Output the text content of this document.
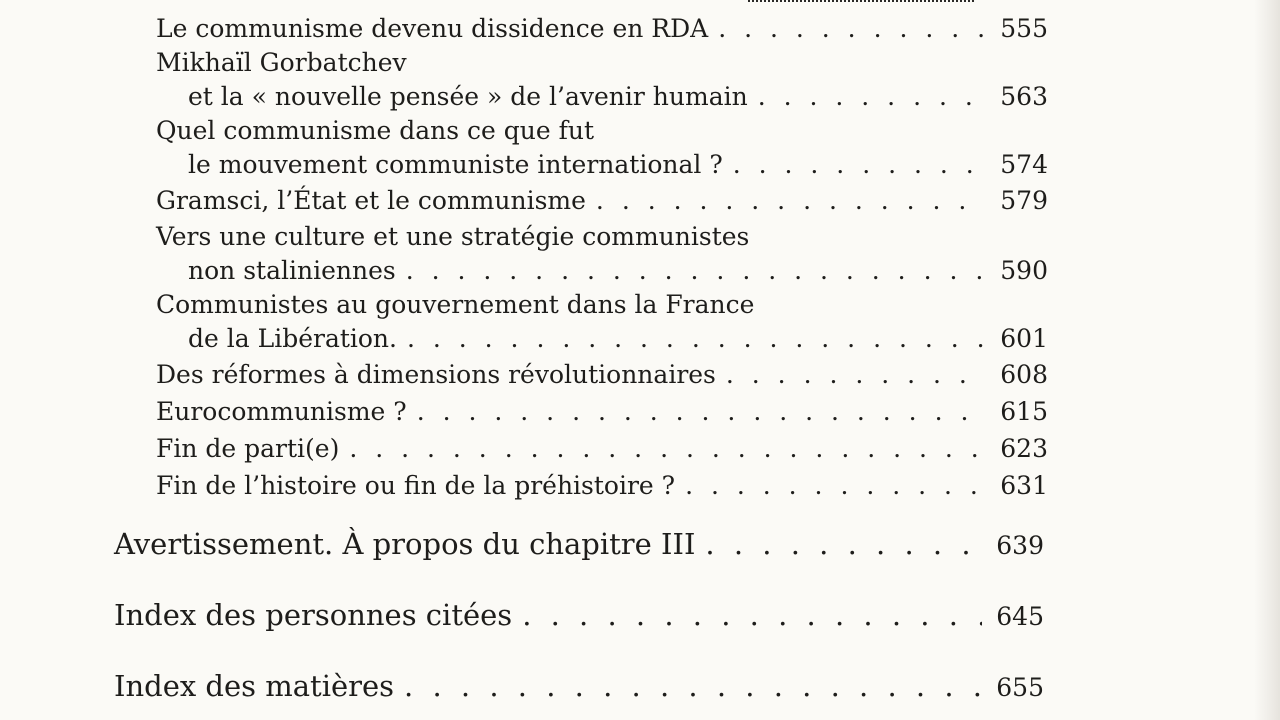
Le communisme devenu dissidence en RDA . . .	555
Mikhaïl Gorbatchev
et la « nouvelle pensée » de l’avenir humain . . .	563
Quel communisme dans ce que fut
le mouvement communiste international ? . . .	574
Gramsci, l’État et le communisme . . .	579
Vers une culture et une stratégie communistes
non staliniennes . . .	590
Communistes au gouvernement dans la France
de la Libération. . . .	601
Des réformes à dimensions révolutionnaires . . .	608
Eurocommunisme ? . . .	615
Fin de parti(e) . . .	623
Fin de l’histoire ou fin de la préhistoire ? . . .	631
Avertissement. À propos du chapitre III . . .	639
Index des personnes citées . . .	645
Index des matières . . .	655
